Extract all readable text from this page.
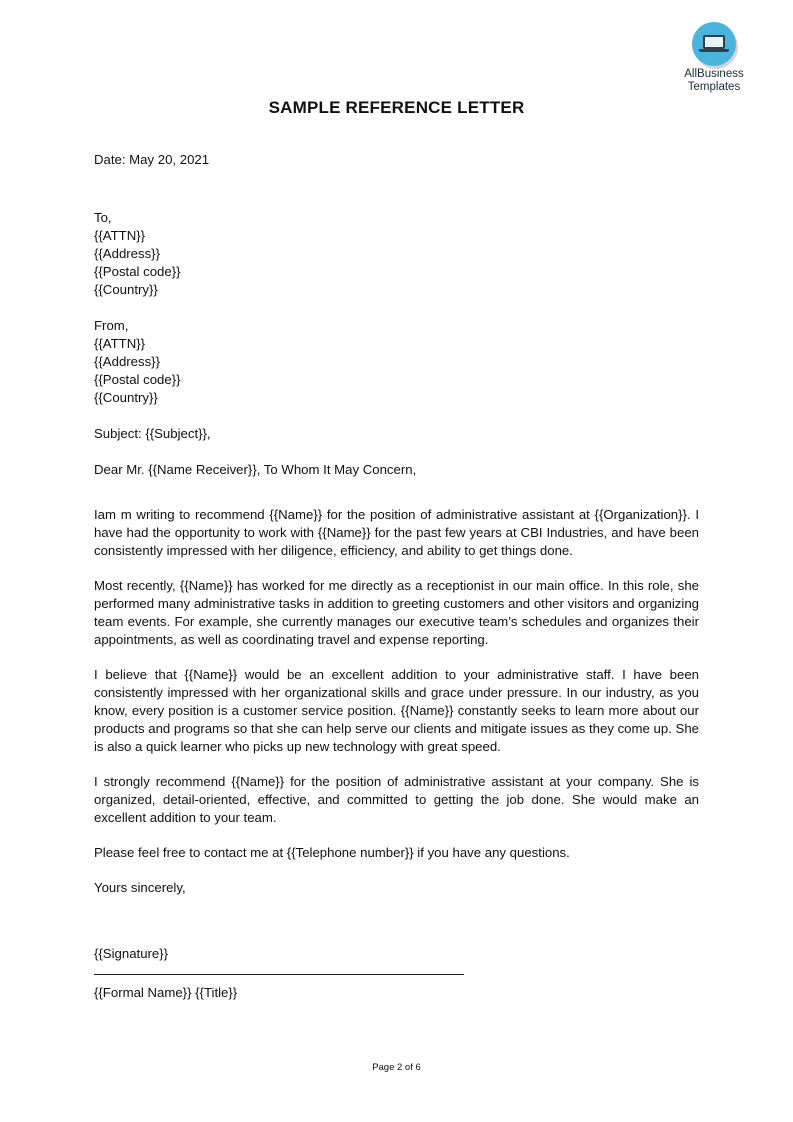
AllBusiness
Templates
SAMPLE REFERENCE LETTER
Date: May 20, 2021
To,
{{ATTN}}
{{Address}}
{{Postal code}}
{{Country}}
From,
{{ATTN}}
{{Address}}
{{Postal code}}
{{Country}}
Subject: {{Subject}},
Dear Mr. {{Name Receiver}}, To Whom It May Concern,

Iam m writing to recommend {{Name}} for the position of administrative assistant at {{Organization}}. I have had the opportunity to work with {{Name}} for the past few years at CBI Industries, and have been consistently impressed with her diligence, efficiency, and ability to get things done.

Most recently, {{Name}} has worked for me directly as a receptionist in our main office. In this role, she performed many administrative tasks in addition to greeting customers and other visitors and organizing team events. For example, she currently manages our executive team’s schedules and organizes their appointments, as well as coordinating travel and expense reporting.

I believe that {{Name}} would be an excellent addition to your administrative staff. I have been consistently impressed with her organizational skills and grace under pressure. In our industry, as you know, every position is a customer service position. {{Name}} constantly seeks to learn more about our products and programs so that she can help serve our clients and mitigate issues as they come up. She is also a quick learner who picks up new technology with great speed.

I strongly recommend {{Name}} for the position of administrative assistant at your company. She is organized, detail-oriented, effective, and committed to getting the job done. She would make an excellent addition to your team.

Please feel free to contact me at {{Telephone number}} if you have any questions.

Yours sincerely,
{{Signature}}
{{Formal Name}} {{Title}}
Page 2 of 6
